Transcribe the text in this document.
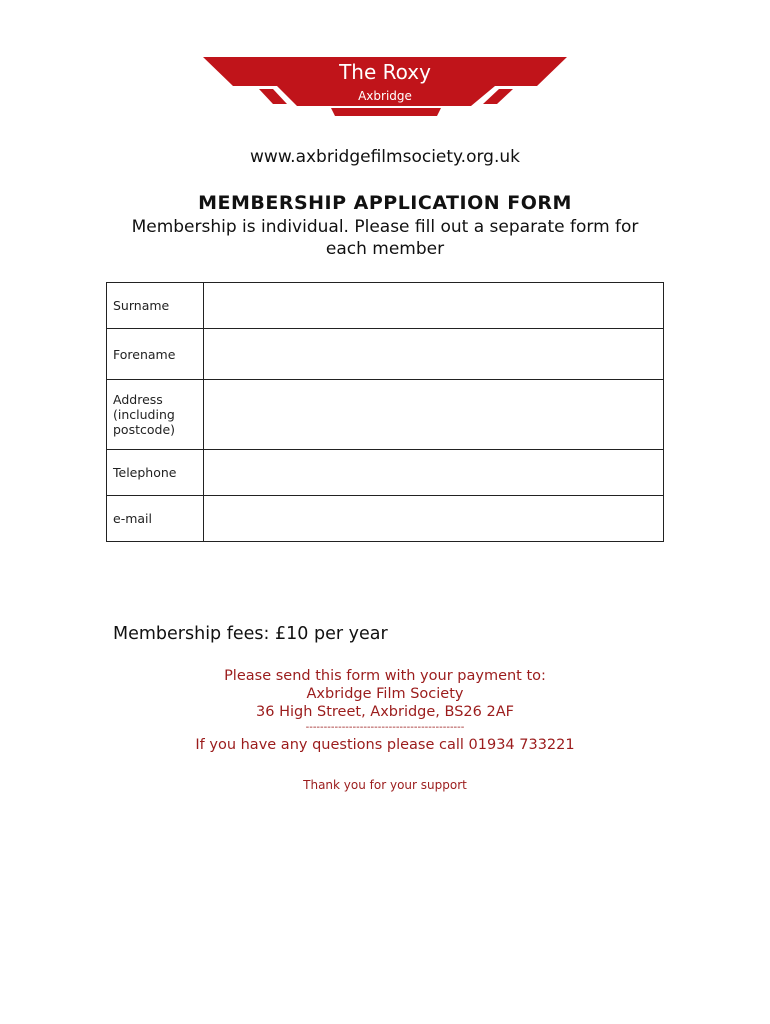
The Roxy
Axbridge
www.axbridgefilmsociety.org.uk
MEMBERSHIP APPLICATION FORM
Membership is individual. Please fill out a separate form for each member
Surname	
Forename	
Address (including postcode)	
Telephone	
e-mail	
Membership fees: £10 per year
Please send this form with your payment to:
Axbridge Film Society
36 High Street, Axbridge, BS26 2AF
--------------------------------------------
If you have any questions please call 01934 733221
Thank you for your support
